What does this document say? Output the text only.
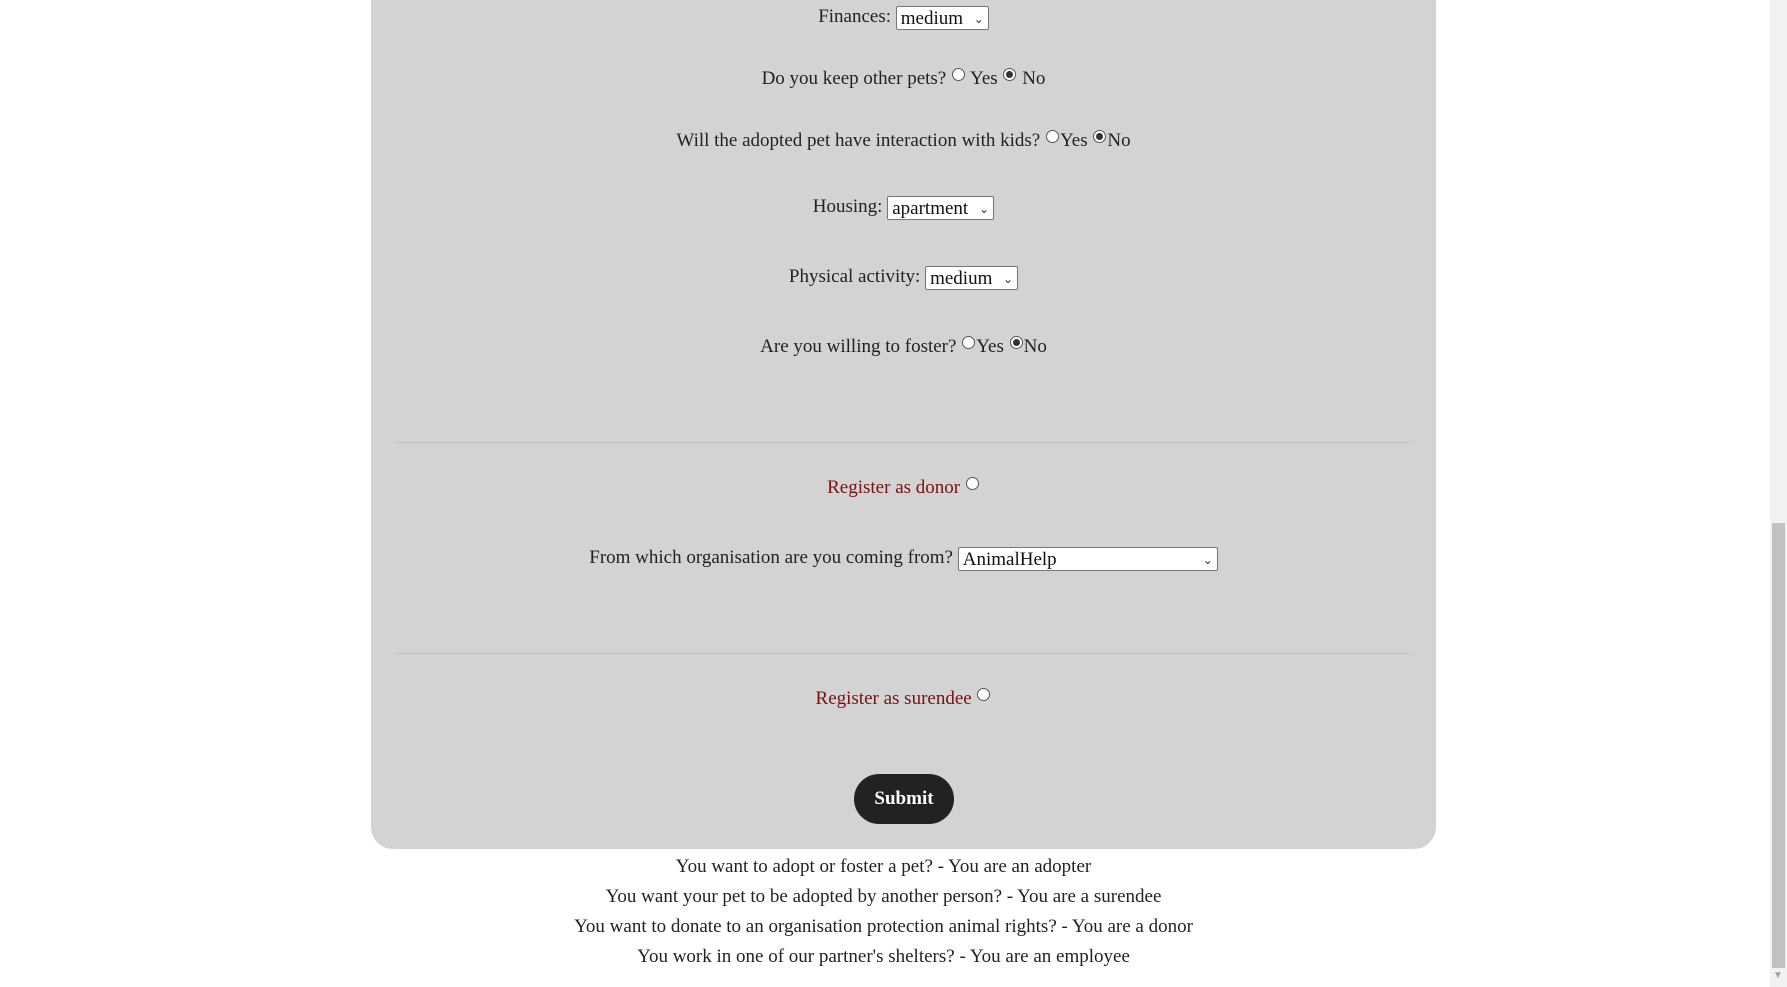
Finances: medium ⌄
Do you keep other pets? Yes No
Will the adopted pet have interaction with kids? Yes No
Housing: apartment ⌄
Physical activity: medium ⌄
Are you willing to foster? Yes No
Register as donor
From which organisation are you coming from? AnimalHelp	⌄
Register as surendee
Submit
You want to adopt or foster a pet? - You are an adopter
You want your pet to be adopted by another person? - You are a surendee
You want to donate to an organisation protection animal rights? - You are a donor
You work in one of our partner's shelters? - You are an employee
▼
